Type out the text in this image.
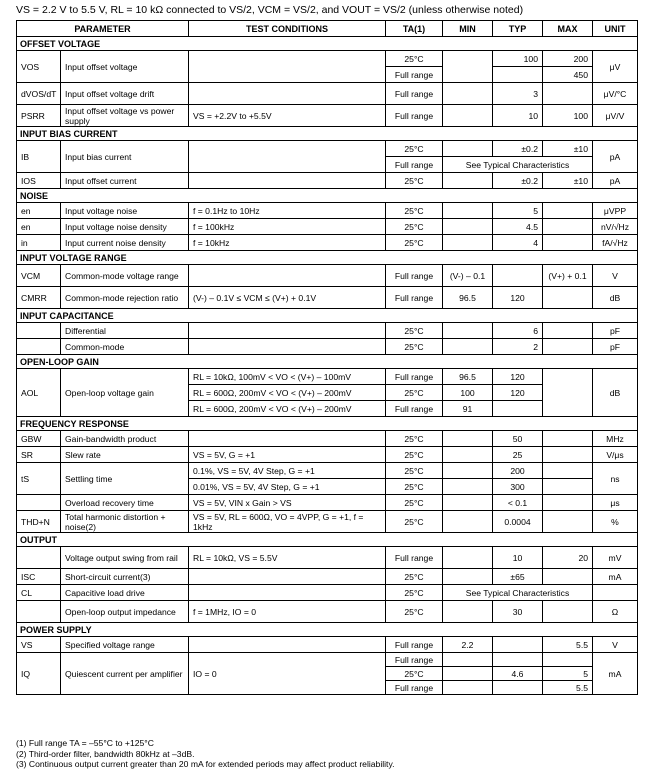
VS = 2.2 V to 5.5 V, RL = 10 kΩ connected to VS/2, VCM = VS/2, and VOUT = VS/2 (unless otherwise noted)
PARAMETER		TEST CONDITIONS	TA(1)	MIN	TYP	MAX	UNIT
OFFSET VOLTAGE							
VOS	Input offset voltage		25°C		100	200	μV
			Full range			450	
dVOS/dT	Input offset voltage drift		Full range		3		μV/°C
PSRR	Input offset voltage vs power supply	VS = +2.2V to +5.5V	Full range		10	100	μV/V
INPUT BIAS CURRENT							
IB	Input bias current		25°C		±0.2	±10	pA
			Full range	See Typical Characteristics			
IOS	Input offset current		25°C		±0.2	±10	pA
NOISE							
en	Input voltage noise	f = 0.1Hz to 10Hz	25°C		5		μVPP
en	Input voltage noise density	f = 100kHz	25°C		4.5		nV/√Hz
in	Input current noise density	f = 10kHz	25°C		4		fA/√Hz
INPUT VOLTAGE RANGE							
VCM	Common-mode voltage range		Full range	(V-) – 0.1		(V+) + 0.1	V
CMRR	Common-mode rejection ratio	(V-) – 0.1V ≤ VCM ≤ (V+) + 0.1V	Full range	96.5	120		dB
INPUT CAPACITANCE							
	Differential		25°C		6		pF
	Common-mode		25°C		2		pF
OPEN-LOOP GAIN							
AOL	Open-loop voltage gain	RL = 10kΩ, 100mV < VO < (V+) – 100mV	Full range	96.5	120		dB
		RL = 600Ω, 200mV < VO < (V+) – 200mV	25°C	100	120		
		RL = 600Ω, 200mV < VO < (V+) – 200mV	Full range	91			
FREQUENCY RESPONSE							
GBW	Gain-bandwidth product		25°C		50		MHz
SR	Slew rate	VS = 5V, G = +1	25°C		25		V/μs
tS	Settling time	0.1%, VS = 5V, 4V Step, G = +1	25°C		200		ns
		0.01%, VS = 5V, 4V Step, G = +1	25°C		300		
	Overload recovery time	VS = 5V, VIN x Gain > VS	25°C		< 0.1		μs
THD+N	Total harmonic distortion + noise(2)	VS = 5V, RL = 600Ω, VO = 4VPP, G = +1, f = 1kHz	25°C		0.0004		%
OUTPUT							
	Voltage output swing from rail	RL = 10kΩ, VS = 5.5V	Full range		10	20	mV
ISC	Short-circuit current(3)		25°C		±65		mA
CL	Capacitive load drive		25°C	See Typical Characteristics			
	Open-loop output impedance	f = 1MHz, IO = 0	25°C		30		Ω
POWER SUPPLY							
VS	Specified voltage range		Full range	2.2		5.5	V
IQ	Quiescent current per amplifier	IO = 0	Full range				mA
			25°C		4.6	5	
			Full range			5.5	
(1) Full range TA = –55°C to +125°C
(2) Third-order filter, bandwidth 80kHz at –3dB.
(3) Continuous output current greater than 20 mA for extended periods may affect product reliability.
